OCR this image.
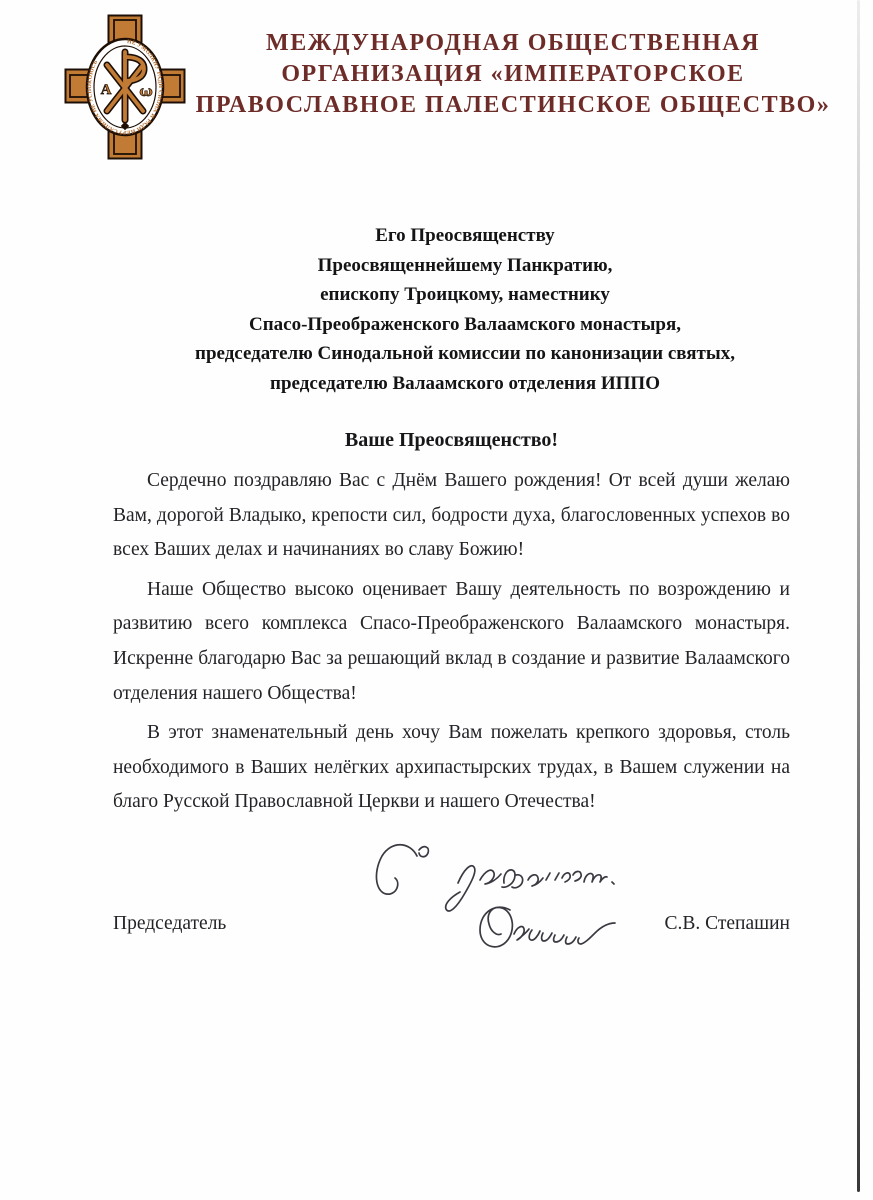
НЕ УМОЛКНУ РАДИ СИОНА И РАДИ ИЕРУСАЛИМА НЕ УСПОКОЮСЬ
А ω
МЕЖДУНАРОДНАЯ ОБЩЕСТВЕННАЯ
ОРГАНИЗАЦИЯ «ИМПЕРАТОРСКОЕ
ПРАВОСЛАВНОЕ ПАЛЕСТИНСКОЕ ОБЩЕСТВО»
Его Преосвященству
Преосвященнейшему Панкратию,
епископу Троицкому, наместнику
Спасо-Преображенского Валаамского монастыря,
председателю Синодальной комиссии по канонизации святых,
председателю Валаамского отделения ИППО
Ваше Преосвященство!

Сердечно поздравляю Вас с Днём Вашего рождения! От всей души желаю Вам, дорогой Владыко, крепости сил, бодрости духа, благословенных успехов во всех Ваших делах и начинаниях во славу Божию!

Наше Общество высоко оценивает Вашу деятельность по возрождению и развитию всего комплекса Спасо-Преображенского Валаамского монастыря. Искренне благодарю Вас за решающий вклад в создание и развитие Валаамского отделения нашего Общества!

В этот знаменательный день хочу Вам пожелать крепкого здоровья, столь необходимого в Ваших нелёгких архипастырских трудах, в Вашем служении на благо Русской Православной Церкви и нашего Отечества!

Председатель	С.В. Степашин
